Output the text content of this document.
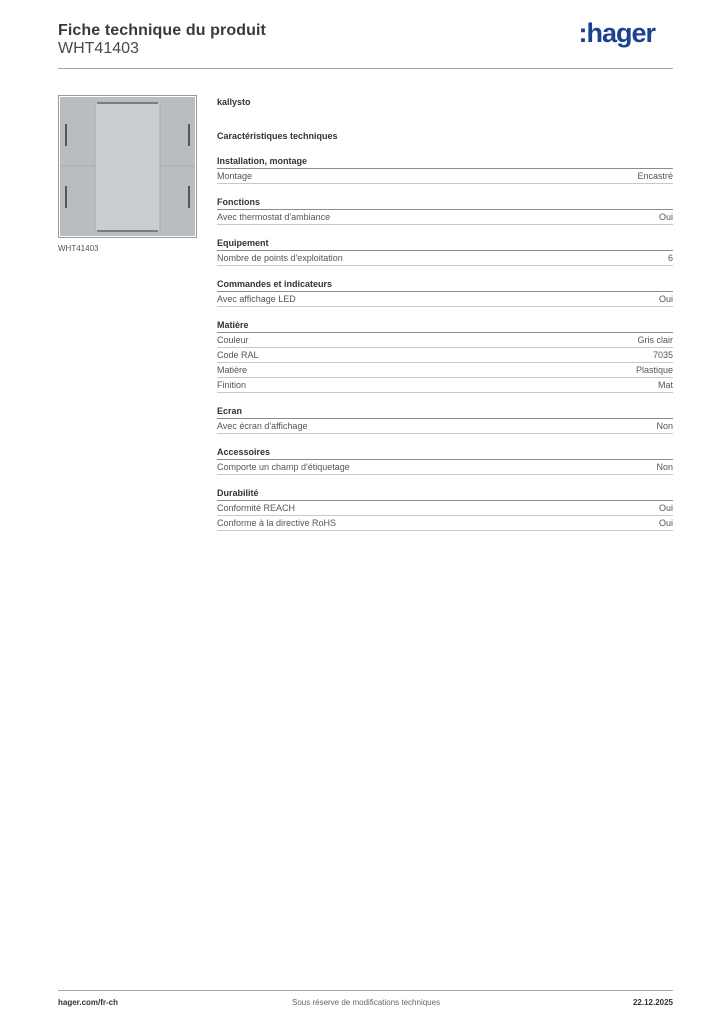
Fiche technique du produit
WHT41403
:hager
WHT41403
kallysto
Caractéristiques techniques
Installation, montage
Montage	Encastré
Fonctions
Avec thermostat d'ambiance	Oui
Equipement
Nombre de points d'exploitation	6
Commandes et indicateurs
Avec affichage LED	Oui
Matière
Couleur	Gris clair
Code RAL	7035
Matière	Plastique
Finition	Mat
Ecran
Avec écran d'affichage	Non
Accessoires
Comporte un champ d'étiquetage	Non
Durabilité
Conformité REACH	Oui
Conforme à la directive RoHS	Oui
hager.com/fr-ch	Sous réserve de modifications techniques	22.12.2025
